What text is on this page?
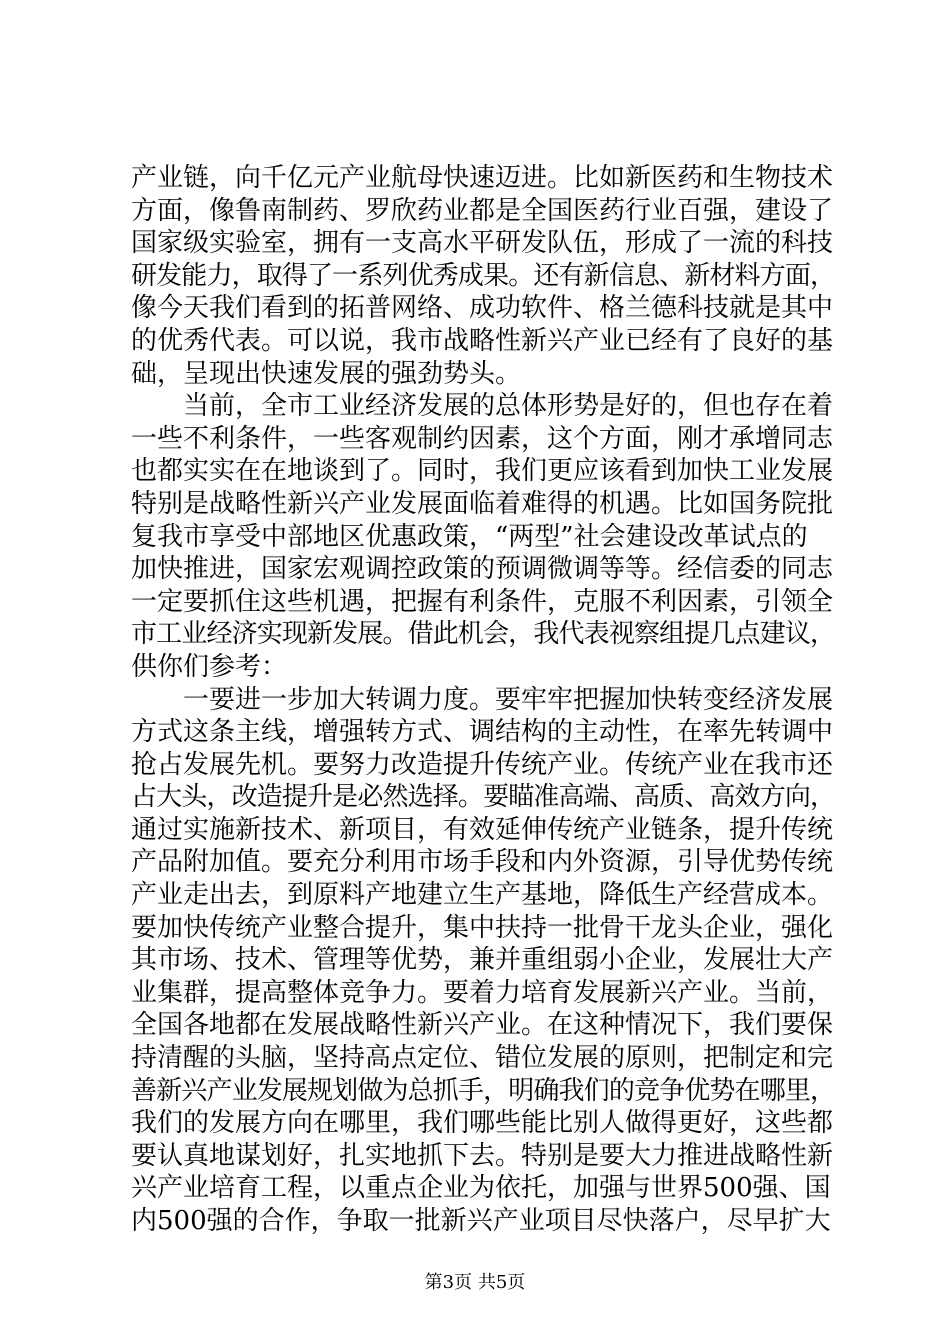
产业链，向千亿元产业航母快速迈进。比如新医药和生物技术
方面，像鲁南制药、罗欣药业都是全国医药行业百强，建设了
国家级实验室，拥有一支高水平研发队伍，形成了一流的科技
研发能力，取得了一系列优秀成果。还有新信息、新材料方面，
像今天我们看到的拓普网络、成功软件、格兰德科技就是其中
的优秀代表。可以说，我市战略性新兴产业已经有了良好的基
础，呈现出快速发展的强劲势头。
　　当前，全市工业经济发展的总体形势是好的，但也存在着
一些不利条件，一些客观制约因素，这个方面，刚才承增同志
也都实实在在地谈到了。同时，我们更应该看到加快工业发展
特别是战略性新兴产业发展面临着难得的机遇。比如国务院批
复我市享受中部地区优惠政策，“两型”社会建设改革试点的
加快推进，国家宏观调控政策的预调微调等等。经信委的同志
一定要抓住这些机遇，把握有利条件，克服不利因素，引领全
市工业经济实现新发展。借此机会，我代表视察组提几点建议，
供你们参考：
　　一要进一步加大转调力度。要牢牢把握加快转变经济发展
方式这条主线，增强转方式、调结构的主动性，在率先转调中
抢占发展先机。要努力改造提升传统产业。传统产业在我市还
占大头，改造提升是必然选择。要瞄准高端、高质、高效方向，
通过实施新技术、新项目，有效延伸传统产业链条，提升传统
产品附加值。要充分利用市场手段和内外资源，引导优势传统
产业走出去，到原料产地建立生产基地，降低生产经营成本。
要加快传统产业整合提升，集中扶持一批骨干龙头企业，强化
其市场、技术、管理等优势，兼并重组弱小企业，发展壮大产
业集群，提高整体竞争力。要着力培育发展新兴产业。当前，
全国各地都在发展战略性新兴产业。在这种情况下，我们要保
持清醒的头脑，坚持高点定位、错位发展的原则，把制定和完
善新兴产业发展规划做为总抓手，明确我们的竞争优势在哪里，
我们的发展方向在哪里，我们哪些能比别人做得更好，这些都
要认真地谋划好，扎实地抓下去。特别是要大力推进战略性新
兴产业培育工程，以重点企业为依托，加强与世界500强、国
内500强的合作，争取一批新兴产业项目尽快落户，尽早扩大
第3页 共5页
